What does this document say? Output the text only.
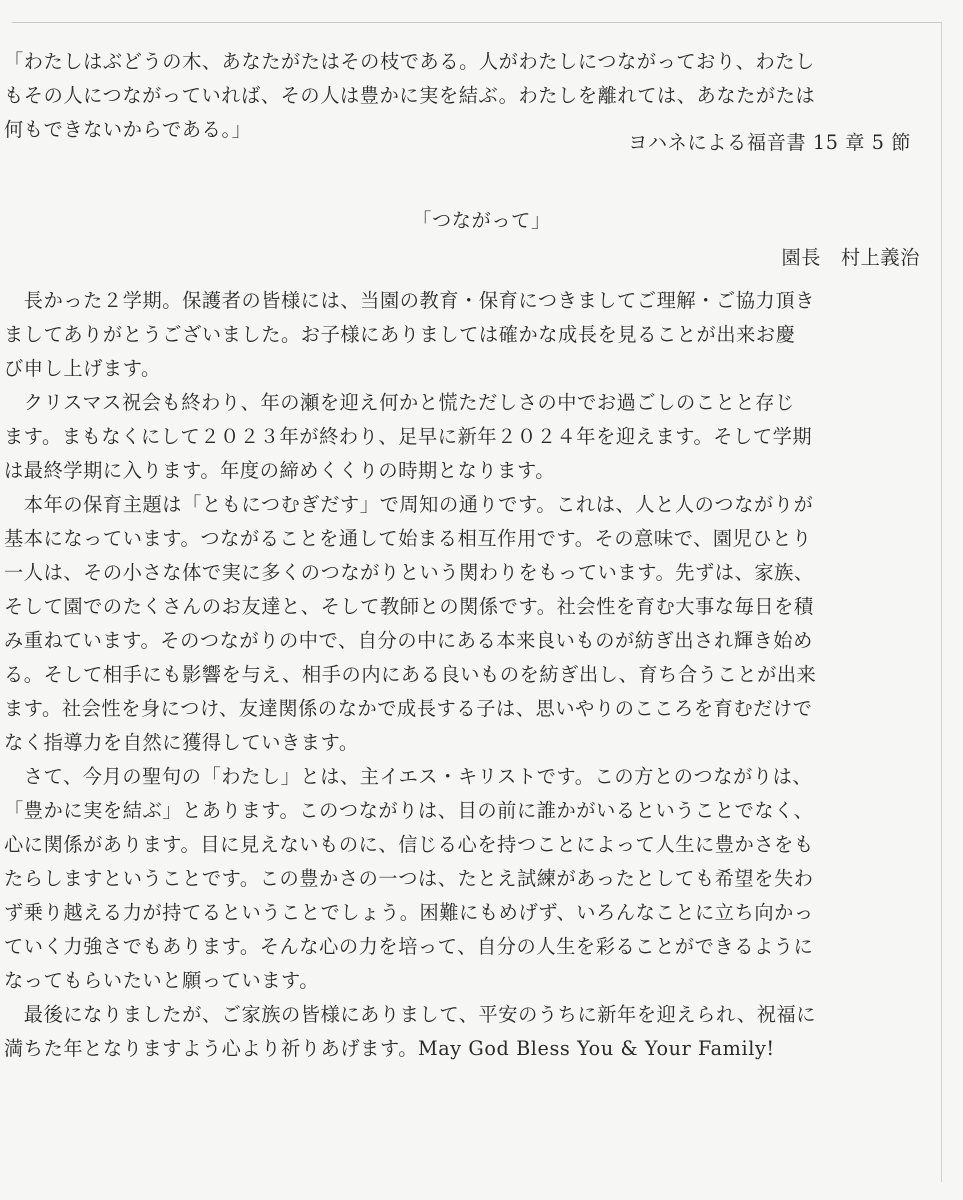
「わたしはぶどうの木、あなたがたはその枝である。人がわたしにつながっており、わたし
もその人につながっていれば、その人は豊かに実を結ぶ。わたしを離れては、あなたがたは
何もできないからである。」
ヨハネによる福音書 15 章 5 節
「つながって」
園長　村上義治
　長かった２学期。保護者の皆様には、当園の教育・保育につきましてご理解・ご協力頂き
ましてありがとうございました。お子様にありましては確かな成長を見ることが出来お慶
び申し上げます。
　クリスマス祝会も終わり、年の瀬を迎え何かと慌ただしさの中でお過ごしのことと存じ
ます。まもなくにして２０２３年が終わり、足早に新年２０２４年を迎えます。そして学期
は最終学期に入ります。年度の締めくくりの時期となります。
　本年の保育主題は「ともにつむぎだす」で周知の通りです。これは、人と人のつながりが
基本になっています。つながることを通して始まる相互作用です。その意味で、園児ひとり
一人は、その小さな体で実に多くのつながりという関わりをもっています。先ずは、家族、
そして園でのたくさんのお友達と、そして教師との関係です。社会性を育む大事な毎日を積
み重ねています。そのつながりの中で、自分の中にある本来良いものが紡ぎ出され輝き始め
る。そして相手にも影響を与え、相手の内にある良いものを紡ぎ出し、育ち合うことが出来
ます。社会性を身につけ、友達関係のなかで成長する子は、思いやりのこころを育むだけで
なく指導力を自然に獲得していきます。
　さて、今月の聖句の「わたし」とは、主イエス・キリストです。この方とのつながりは、
「豊かに実を結ぶ」とあります。このつながりは、目の前に誰かがいるということでなく、
心に関係があります。目に見えないものに、信じる心を持つことによって人生に豊かさをも
たらしますということです。この豊かさの一つは、たとえ試練があったとしても希望を失わ
ず乗り越える力が持てるということでしょう。困難にもめげず、いろんなことに立ち向かっ
ていく力強さでもあります。そんな心の力を培って、自分の人生を彩ることができるように
なってもらいたいと願っています。
　最後になりましたが、ご家族の皆様にありまして、平安のうちに新年を迎えられ、祝福に
満ちた年となりますよう心より祈りあげます。May God Bless You & Your Family!
